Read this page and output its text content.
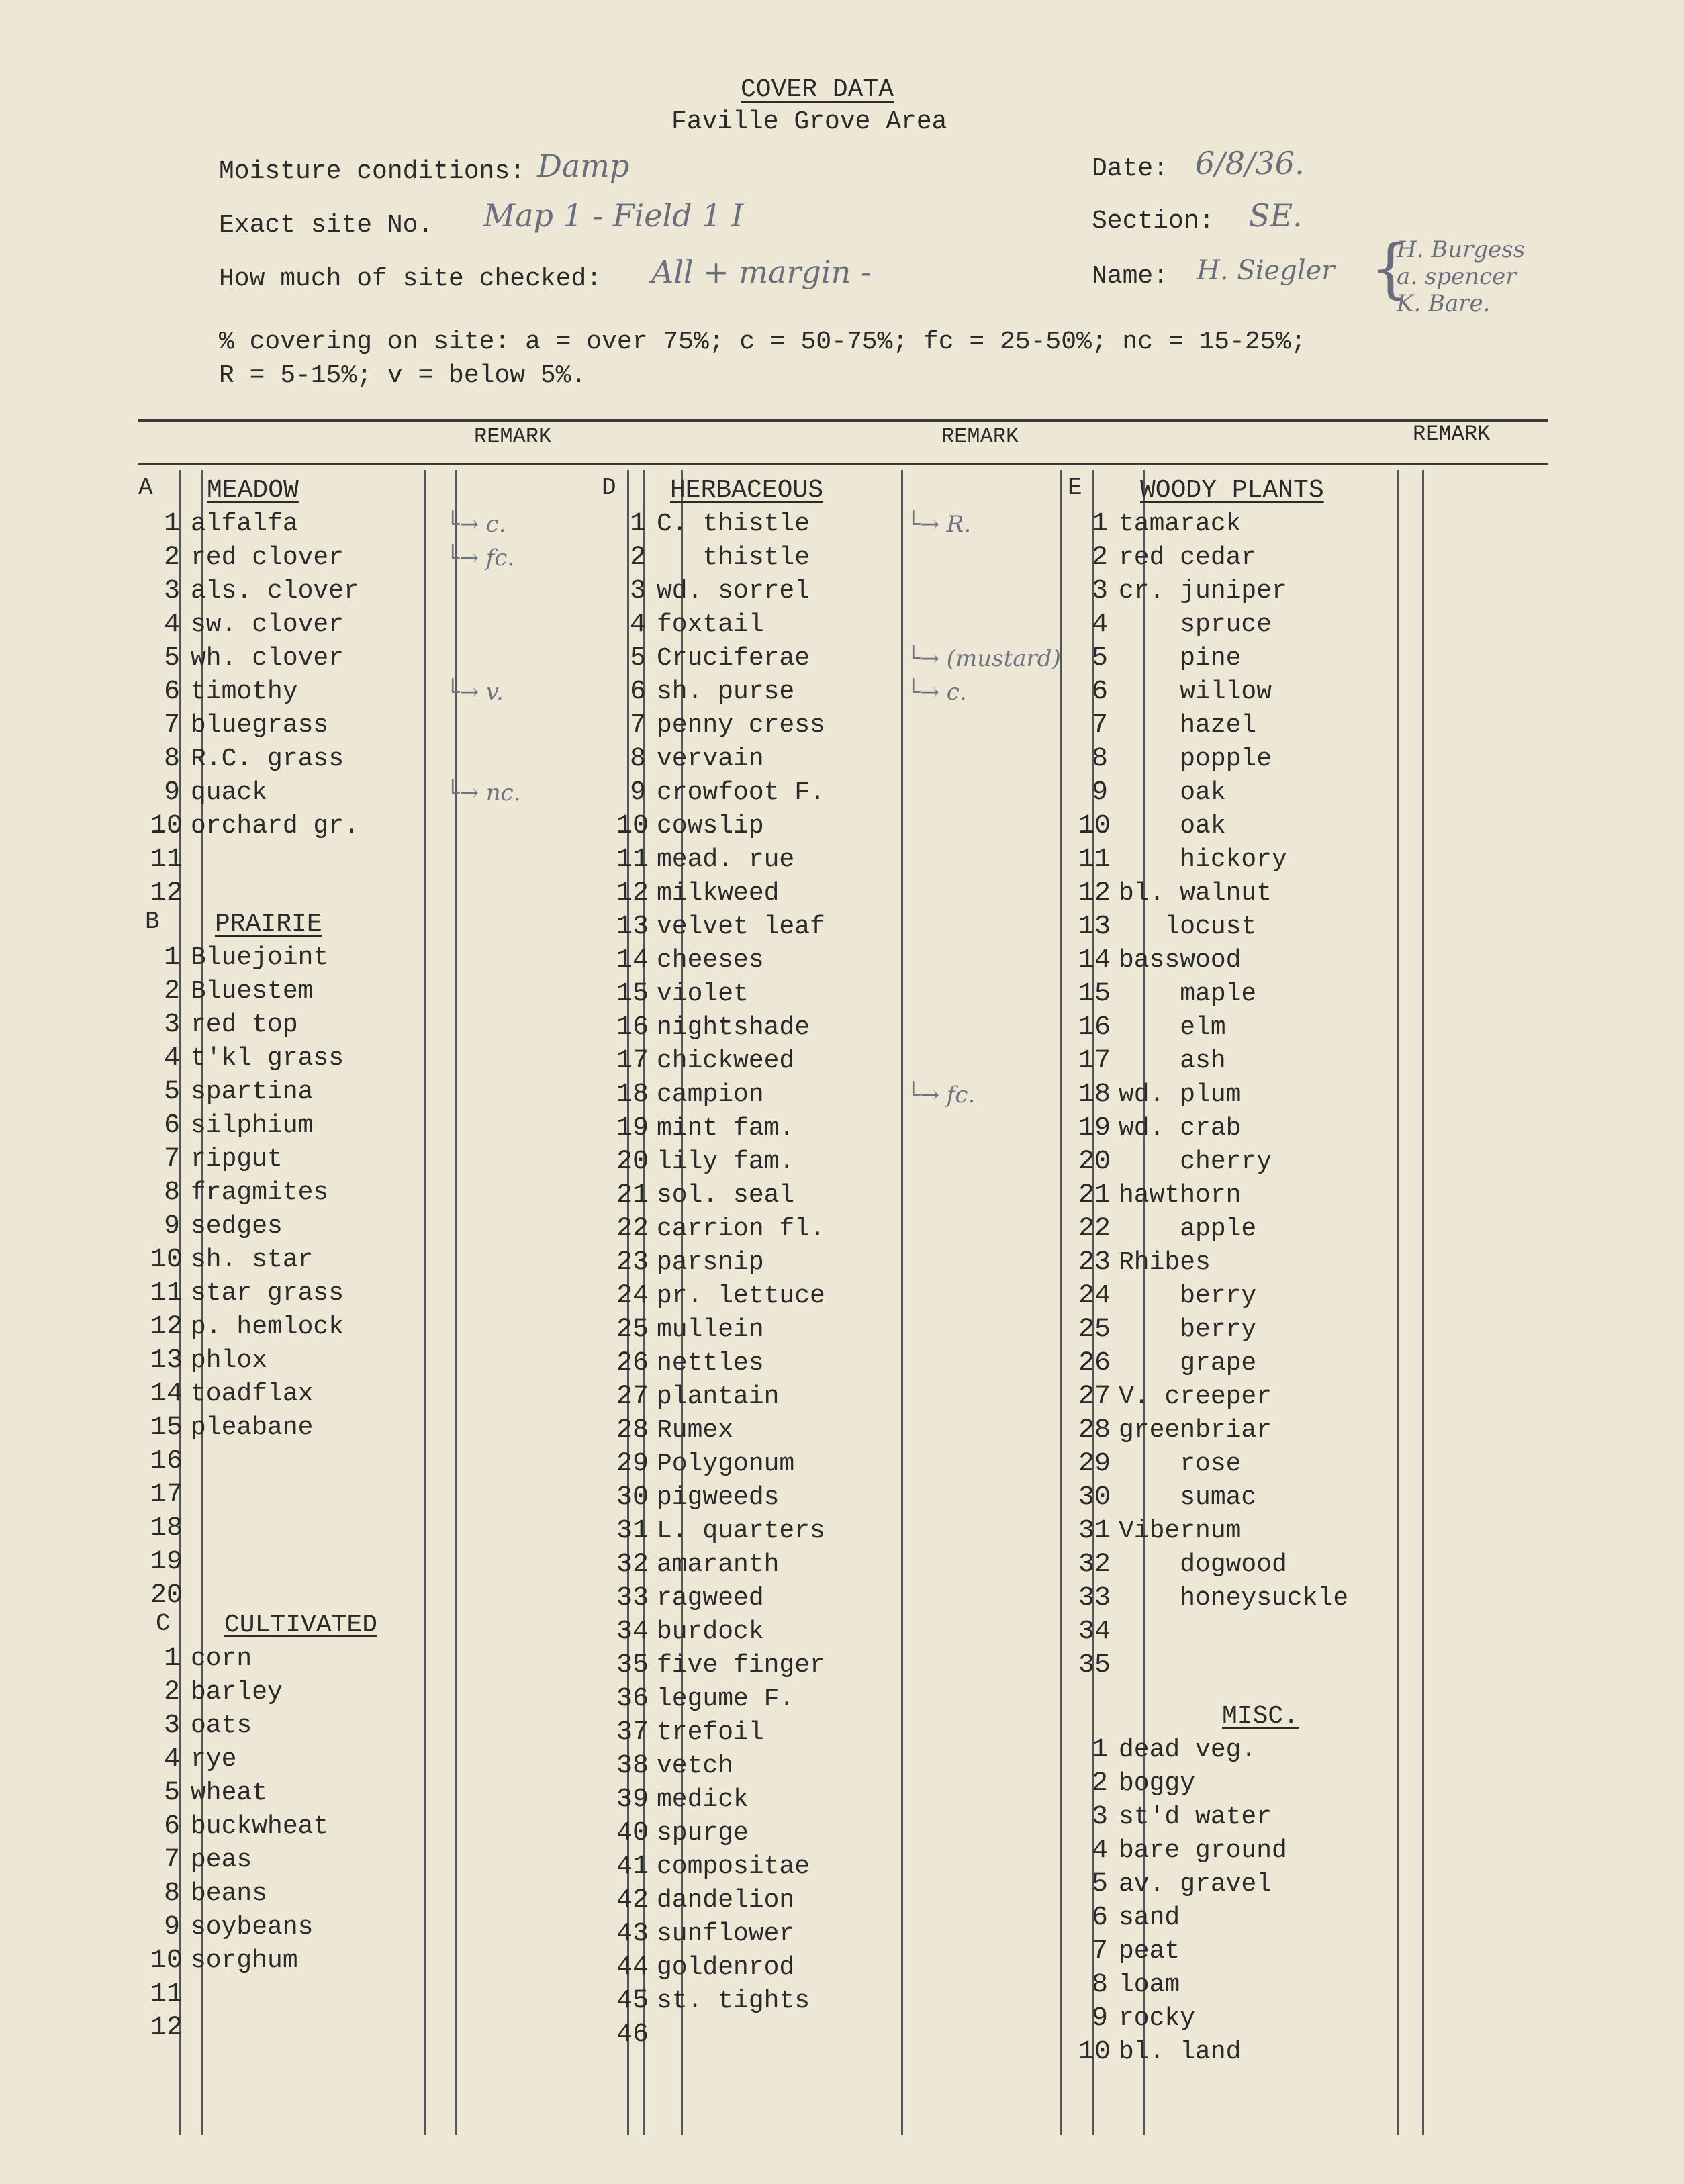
COVER DATA
Faville Grove Area
Moisture conditions: Damp
Exact site No. Map 1 - Field 1 I
How much of site checked: All + margin -
Date: 6/8/36.
Section: SE.
Name: H. Siegler {
H. Burgess
a. spencer
K. Bare.
% covering on site: a = over 75%; c = 50-75%; fc = 25-50%; nc = 15-25%;
R = 5-15%; v = below 5%.
REMARK	REMARK	REMARK
A
B
C
MEADOW
1 alfalfa	└→ c.
2 red clover	└→ fc.
3 als. clover
4 sw. clover
5 wh. clover
6 timothy	└→ v.
7 bluegrass
8 R.C. grass
9 quack	└→ nc.
10 orchard gr.
11
12
PRAIRIE
1 Bluejoint
2 Bluestem
3 red top
4 t'kl grass
5 spartina
6 silphium
7 ripgut
8 fragmites
9 sedges
10 sh. star
11 star grass
12 p. hemlock
13 phlox
14 toadflax
15 pleabane
16
17
18
19
20
CULTIVATED
1 corn
2 barley
3 oats
4 rye
5 wheat
6 buckwheat
7 peas
8 beans
9 soybeans
10 sorghum
11
12
D HERBACEOUS
1 C. thistle	└→ R.
2   thistle
3 wd. sorrel
4 foxtail
5 Cruciferae	└→ (mustard)
6 sh. purse	└→ c.
7 penny cress
8 vervain
9 crowfoot F.
10 cowslip
11 mead. rue
12 milkweed
13 velvet leaf
14 cheeses
15 violet
16 nightshade
17 chickweed
18 campion	└→ fc.
19 mint fam.
20 lily fam.
21 sol. seal
22 carrion fl.
23 parsnip
24 pr. lettuce
25 mullein
26 nettles
27 plantain
28 Rumex
29 Polygonum
30 pigweeds
31 L. quarters
32 amaranth
33 ragweed
34 burdock
35 five finger
36 legume F.
37 trefoil
38 vetch
39 medick
40 spurge
41 compositae
42 dandelion
43 sunflower
44 goldenrod
45 st. tights
46
E WOODY PLANTS
1 tamarack
2 red cedar
3 cr. juniper
4    spruce
5    pine
6    willow
7    hazel
8    popple
9    oak
10    oak
11    hickory
12 bl. walnut
13   locust
14 basswood
15    maple
16    elm
17    ash
18 wd. plum
19 wd. crab
20    cherry
21 hawthorn
22    apple
23 Rhibes
24    berry
25    berry
26    grape
27 V. creeper
28 greenbriar
29    rose
30    sumac
31 Vibernum
32    dogwood
33    honeysuckle
34
35
MISC.
1 dead veg.
2 boggy
3 st'd water
4 bare ground
5 av. gravel
6 sand
7 peat
8 loam
9 rocky
10 bl. land
